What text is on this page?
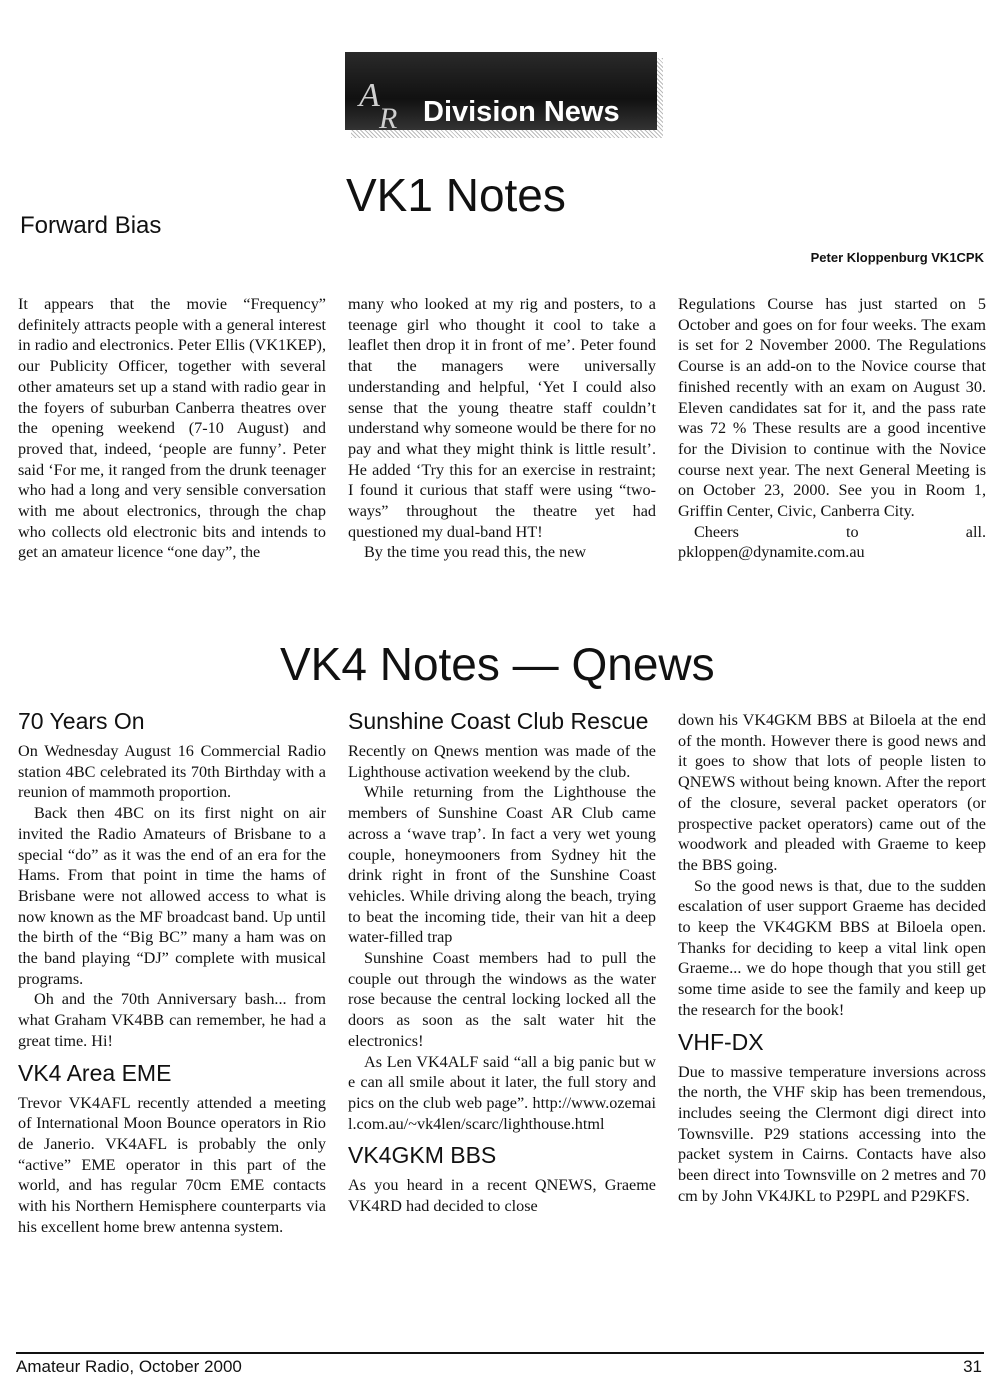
A
R Division News
VK1 Notes
Forward Bias
Peter Kloppenburg VK1CPK

It appears that the movie “Frequency” definitely attracts people with a general interest in radio and electronics. Peter Ellis (VK1KEP), our Publicity Officer, together with several other amateurs set up a stand with radio gear in the foyers of suburban Canberra theatres over the opening weekend (7-10 August) and proved that, indeed, ‘people are funny’. Peter said ‘For me, it ranged from the drunk teenager who had a long and very sensible conversation with me about electronics, through the chap who collects old electronic bits and intends to get an amateur licence “one day”, the

many who looked at my rig and posters, to a teenage girl who thought it cool to take a leaflet then drop it in front of me’. Peter found that the managers were universally understanding and helpful, ‘Yet I could also sense that the young theatre staff couldn’t understand why someone would be there for no pay and what they might think is little result’. He added ‘Try this for an exercise in restraint; I found it curious that staff were using “two-ways” throughout the theatre yet had questioned my dual-band HT!

By the time you read this, the new

Regulations Course has just started on 5 October and goes on for four weeks. The exam is set for 2 November 2000. The Regulations Course is an add-on to the Novice course that finished recently with an exam on August 30. Eleven candidates sat for it, and the pass rate was 72 % These results are a good incentive for the Division to continue with the Novice course next year. The next General Meeting is on October 23, 2000. See you in Room 1, Griffin Center, Civic, Canberra City.

Cheers to all.

pkloppen@dynamite.com.au

VK4 Notes — Qnews
70 Years On

On Wednesday August 16 Commercial Radio station 4BC celebrated its 70th Birthday with a reunion of mammoth proportion.

Back then 4BC on its first night on air invited the Radio Amateurs of Brisbane to a special “do” as it was the end of an era for the Hams. From that point in time the hams of Brisbane were not allowed access to what is now known as the MF broadcast band. Up until the birth of the “Big BC” many a ham was on the band playing “DJ” complete with musical programs.

Oh and the 70th Anniversary bash... from what Graham VK4BB can remember, he had a great time. Hi!

VK4 Area EME

Trevor VK4AFL recently attended a meeting of International Moon Bounce operators in Rio de Janerio. VK4AFL is probably the only “active” EME operator in this part of the world, and has regular 70cm EME contacts with his Northern Hemisphere counterparts via his excellent home brew antenna system.

Sunshine Coast Club Rescue

Recently on Qnews mention was made of the Lighthouse activation weekend by the club.

While returning from the Lighthouse the members of Sunshine Coast AR Club came across a ‘wave trap’. In fact a very wet young couple, honeymooners from Sydney hit the drink right in front of the Sunshine Coast vehicles. While driving along the beach, trying to beat the incoming tide, their van hit a deep water-filled trap

Sunshine Coast members had to pull the couple out through the windows as the water rose because the central locking locked all the doors as soon as the salt water hit the electronics!

As Len VK4ALF said “all a big panic but we can all smile about it later, the full story and pics on the club web page”. http://www.ozemail.com.au/~vk4len/scarc/lighthouse.html

VK4GKM BBS

As you heard in a recent QNEWS, Graeme VK4RD had decided to close

down his VK4GKM BBS at Biloela at the end of the month. However there is good news and it goes to show that lots of people listen to QNEWS without being known. After the report of the closure, several packet operators (or prospective packet operators) came out of the woodwork and pleaded with Graeme to keep the BBS going.

So the good news is that, due to the sudden escalation of user support Graeme has decided to keep the VK4GKM BBS at Biloela open. Thanks for deciding to keep a vital link open Graeme... we do hope though that you still get some time aside to see the family and keep up the research for the book!

VHF-DX

Due to massive temperature inversions across the north, the VHF skip has been tremendous, includes seeing the Clermont digi direct into Townsville. P29 stations accessing into the packet system in Cairns. Contacts have also been direct into Townsville on 2 metres and 70 cm by John VK4JKL to P29PL and P29KFS.

Amateur Radio, October 2000	31
